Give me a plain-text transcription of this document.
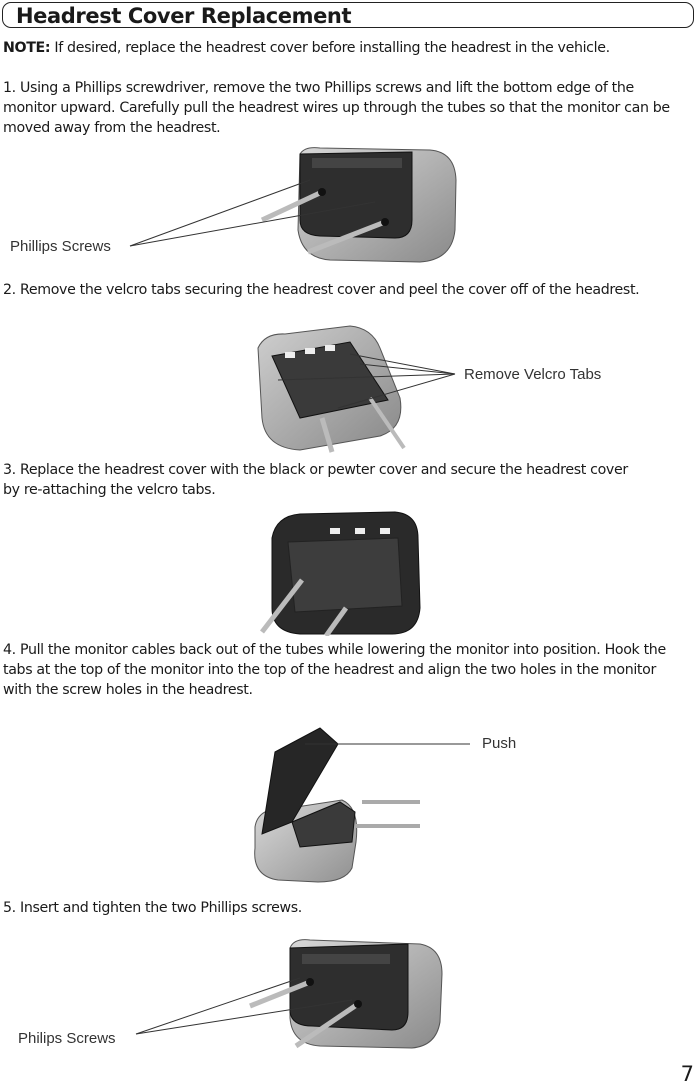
Headrest Cover Replacement

NOTE: If desired, replace the headrest cover before installing the headrest in the vehicle.

1. Using a Phillips screwdriver, remove the two Phillips screws and lift the bottom edge of the
monitor upward. Carefully pull the headrest wires up through the tubes so that the monitor can be
moved away from the headrest.

Phillips Screws

2. Remove the velcro tabs securing the headrest cover and peel the cover off of the headrest.

Remove Velcro Tabs

3. Replace the headrest cover with the black or pewter cover and secure the headrest cover
by re-attaching the velcro tabs.

4. Pull the monitor cables back out of the tubes while lowering the monitor into position. Hook the
tabs at the top of the monitor into the top of the headrest and align the two holes in the monitor
with the screw holes in the headrest.

Push

5. Insert and tighten the two Phillips screws.

Philips Screws
7
